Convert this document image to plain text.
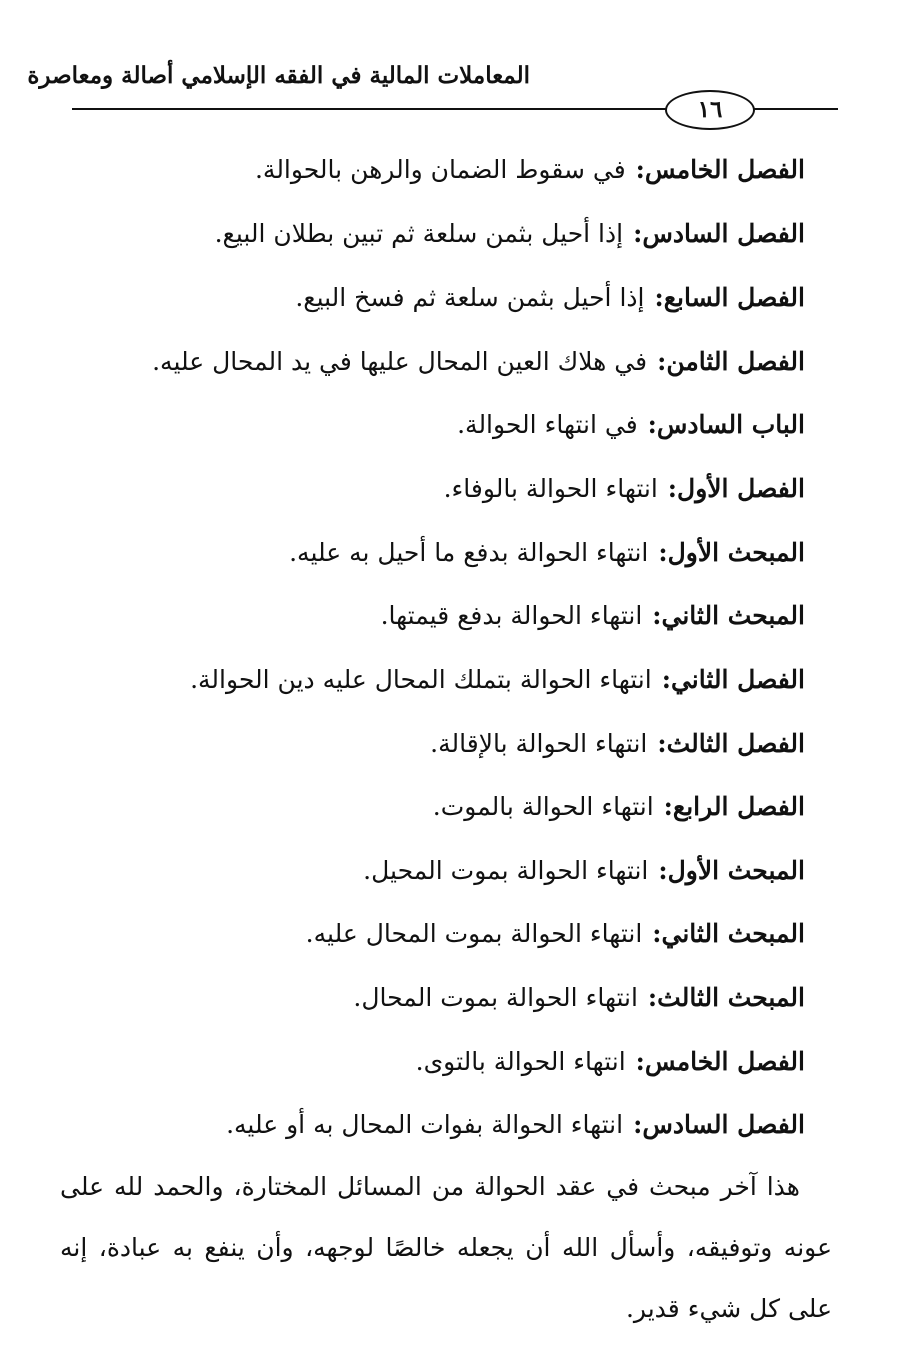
المعاملات المالية في الفقه الإسلامي أصالة ومعاصرة
١٦
الفصل الخامس:في سقوط الضمان والرهن بالحوالة.
الفصل السادس:إذا أحيل بثمن سلعة ثم تبين بطلان البيع.
الفصل السابع:إذا أحيل بثمن سلعة ثم فسخ البيع.
الفصل الثامن:في هلاك العين المحال عليها في يد المحال عليه.
الباب السادس:في انتهاء الحوالة.
الفصل الأول:انتهاء الحوالة بالوفاء.
المبحث الأول:انتهاء الحوالة بدفع ما أحيل به عليه.
المبحث الثاني:انتهاء الحوالة بدفع قيمتها.
الفصل الثاني:انتهاء الحوالة بتملك المحال عليه دين الحوالة.
الفصل الثالث:انتهاء الحوالة بالإقالة.
الفصل الرابع:انتهاء الحوالة بالموت.
المبحث الأول:انتهاء الحوالة بموت المحيل.
المبحث الثاني:انتهاء الحوالة بموت المحال عليه.
المبحث الثالث:انتهاء الحوالة بموت المحال.
الفصل الخامس:انتهاء الحوالة بالتوى.
الفصل السادس:انتهاء الحوالة بفوات المحال به أو عليه.

هذا آخر مبحث في عقد الحوالة من المسائل المختارة، والحمد لله على عونه وتوفيقه، وأسأل الله أن يجعله خالصًا لوجهه، وأن ينفع به عبادة، إنه على كل شيء قدير.
